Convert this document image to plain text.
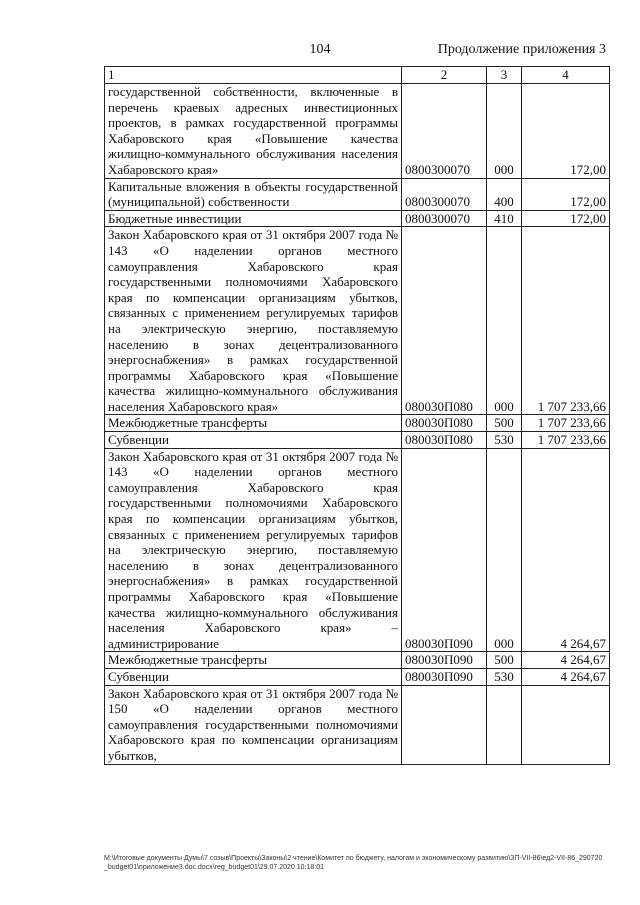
104	Продолжение приложения 3
1	2	3	4
государственной собственности, включенные в перечень краевых адресных инвестиционных проектов, в рамках государственной программы Хабаровского края «Повышение качества жилищно-коммунального обслуживания населения Хабаровского края»	0800300070	000	172,00
Капитальные вложения в объекты государственной (муниципальной) собственности	0800300070	400	172,00
Бюджетные инвестиции	0800300070	410	172,00
Закон Хабаровского края от 31 октября 2007 года № 143 «О наделении органов местного самоуправления Хабаровского края государственными полномочиями Хабаровского края по компенсации организациям убытков, связанных с применением регулируемых тарифов на электрическую энергию, поставляемую населению в зонах децентрализованного энергоснабжения» в рамках государственной программы Хабаровского края «Повышение качества жилищно-коммунального обслуживания населения Хабаровского края»	080030П080	000	1 707 233,66
Межбюджетные трансферты	080030П080	500	1 707 233,66
Субвенции	080030П080	530	1 707 233,66
Закон Хабаровского края от 31 октября 2007 года № 143 «О наделении органов местного самоуправления Хабаровского края государственными полномочиями Хабаровского края по компенсации организациям убытков, связанных с применением регулируемых тарифов на электрическую энергию, поставляемую населению в зонах децентрализованного энергоснабжения» в рамках государственной программы Хабаровского края «Повышение качества жилищно-коммунального обслуживания населения Хабаровского края» – администрирование	080030П090	000	4 264,67
Межбюджетные трансферты	080030П090	500	4 264,67
Субвенции	080030П090	530	4 264,67
Закон Хабаровского края от 31 октября 2007 года № 150 «О наделении органов местного самоуправления государственными полномочиями Хабаровского края по компенсации организациям убытков,			
M:\Итоговые документы Думы\7 созыв\Проекты\Законы\2 чтение\Комитет по бюджету, налогам и экономическому развитию\ЗП-VII-86\ед2-VII-86_290720_budget01\приложение3.doc.docx\reg_budget01\29.07.2020 10:18:01
